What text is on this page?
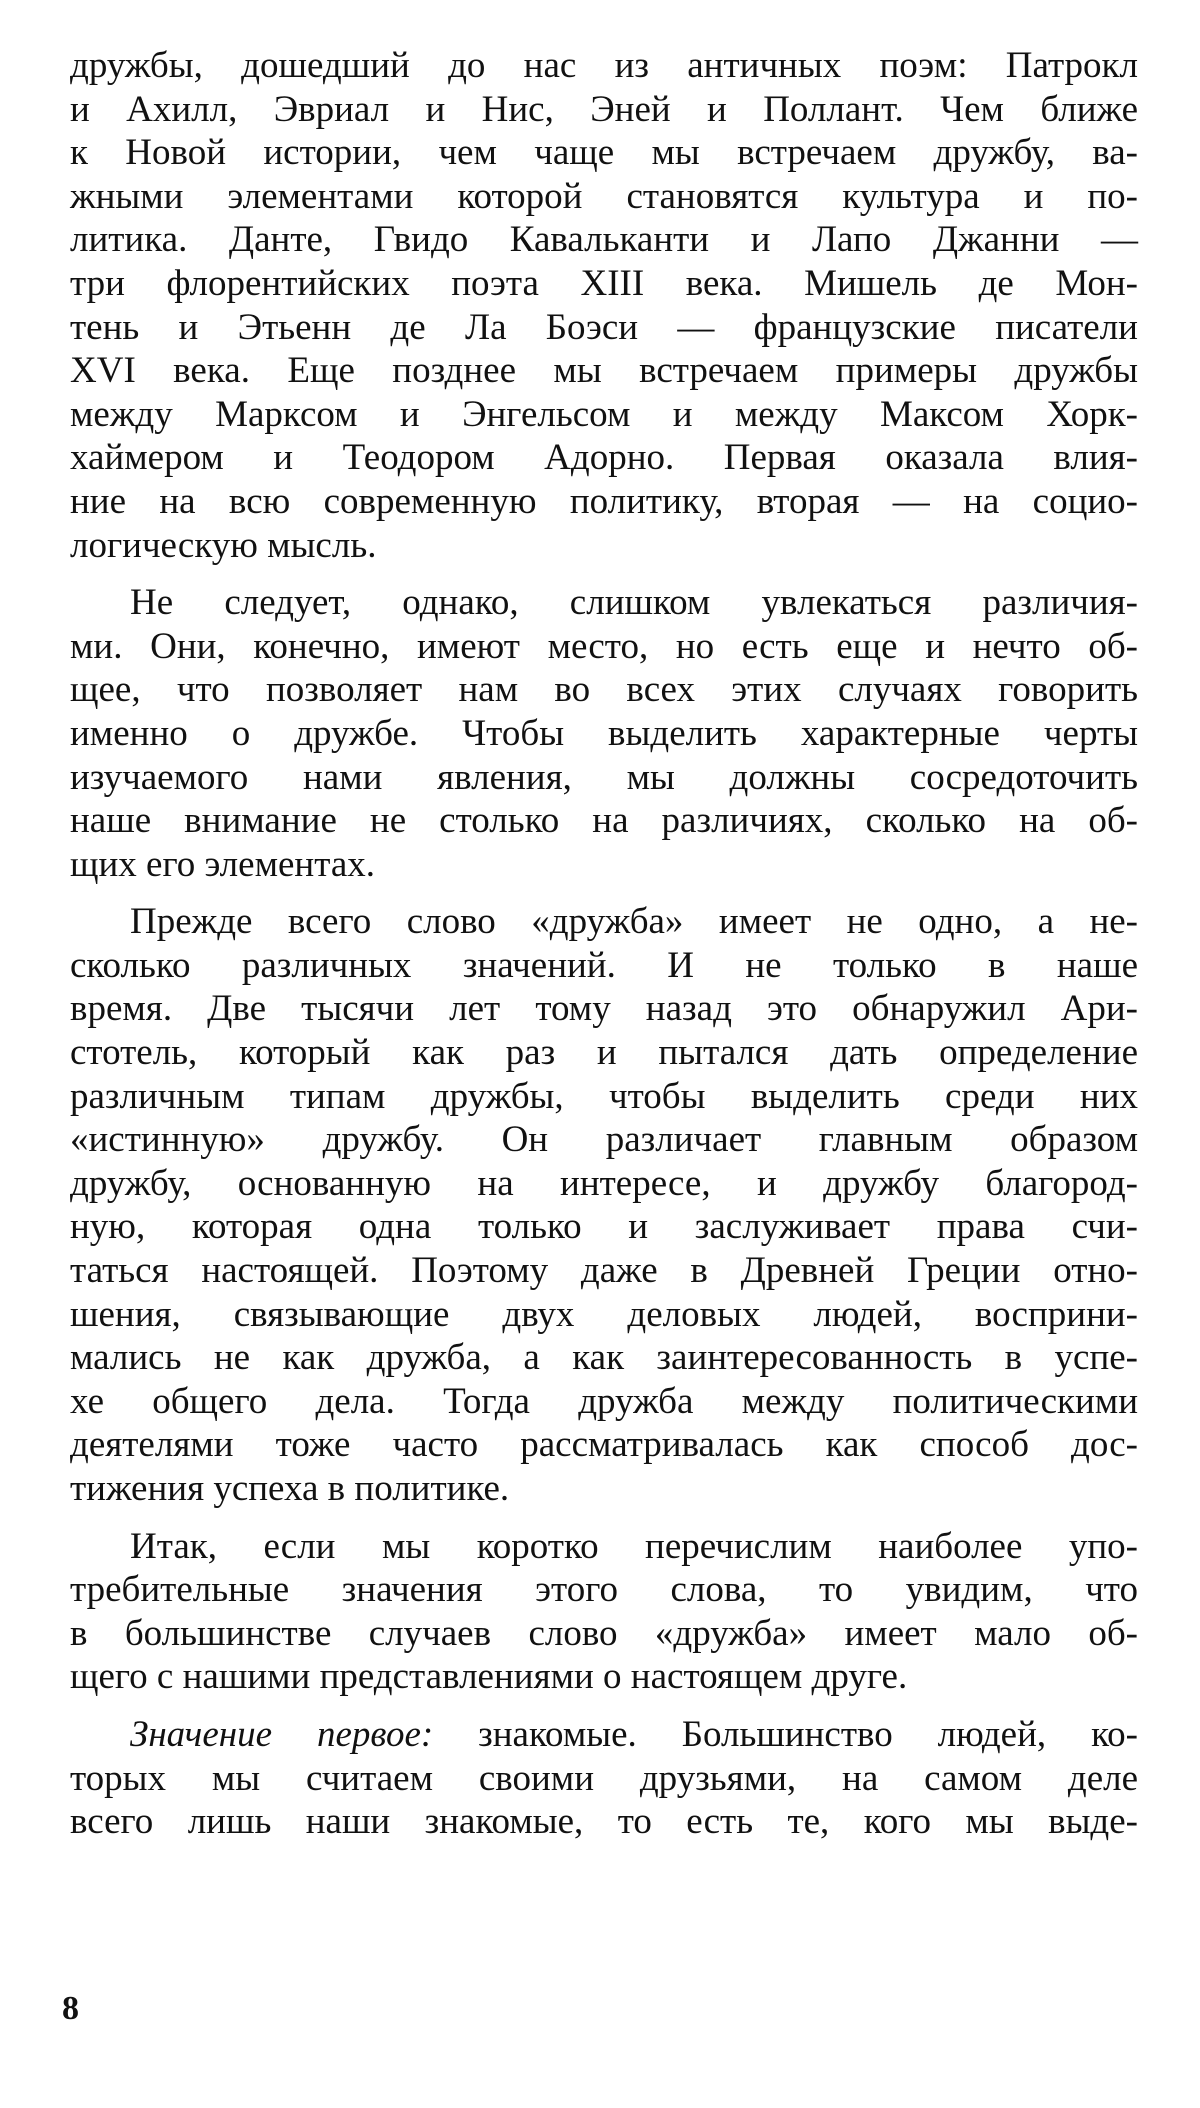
дружбы, дошедший до нас из античных поэм: Патрокл
и Ахилл, Эвриал и Нис, Эней и Поллант. Чем ближе
к Новой истории, чем чаще мы встречаем дружбу, ва-
жными элементами которой становятся культура и по-
литика. Данте, Гвидо Кавальканти и Лапо Джанни —
три флорентийских поэта XIII века. Мишель де Мон-
тень и Этьенн де Ла Боэси — французские писатели
XVI века. Еще позднее мы встречаем примеры дружбы
между Марксом и Энгельсом и между Максом Хорк-
хаймером и Теодором Адорно. Первая оказала влия-
ние на всю современную политику, вторая — на социо-
логическую мысль.
Не следует, однако, слишком увлекаться различия-
ми. Они, конечно, имеют место, но есть еще и нечто об-
щее, что позволяет нам во всех этих случаях говорить
именно о дружбе. Чтобы выделить характерные черты
изучаемого нами явления, мы должны сосредоточить
наше внимание не столько на различиях, сколько на об-
щих его элементах.
Прежде всего слово «дружба» имеет не одно, а не-
сколько различных значений. И не только в наше
время. Две тысячи лет тому назад это обнаружил Ари-
стотель, который как раз и пытался дать определение
различным типам дружбы, чтобы выделить среди них
«истинную» дружбу. Он различает главным образом
дружбу, основанную на интересе, и дружбу благород-
ную, которая одна только и заслуживает права счи-
таться настоящей. Поэтому даже в Древней Греции отно-
шения, связывающие двух деловых людей, восприни-
мались не как дружба, а как заинтересованность в успе-
хе общего дела. Тогда дружба между политическими
деятелями тоже часто рассматривалась как способ дос-
тижения успеха в политике.
Итак, если мы коротко перечислим наиболее упо-
требительные значения этого слова, то увидим, что
в большинстве случаев слово «дружба» имеет мало об-
щего с нашими представлениями о настоящем друге.
Значение первое: знакомые. Большинство людей, ко-
торых мы считаем своими друзьями, на самом деле
всего лишь наши знакомые, то есть те, кого мы выде-
8
